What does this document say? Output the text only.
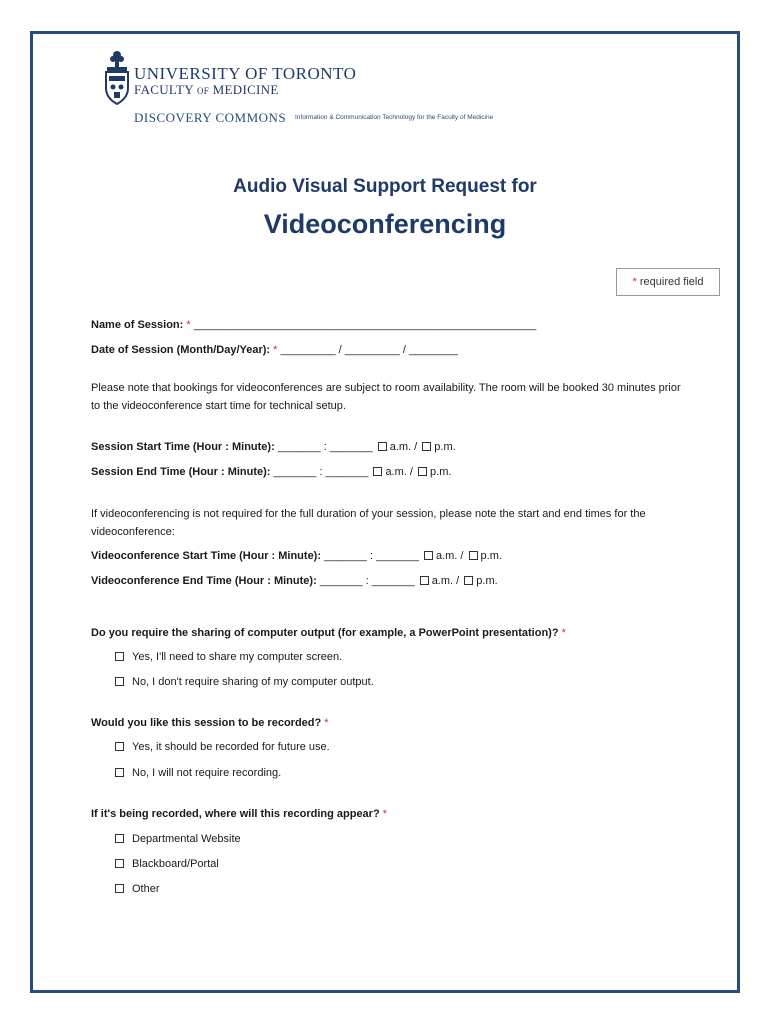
UNIVERSITY OF TORONTO
FACULTY OF MEDICINE
DISCOVERY COMMONS Information & Communication Technology for the Faculty of Medicine
Audio Visual Support Request for
Videoconferencing
*
required field
Name of Session: * ________________________________________________________
Date of Session (Month/Day/Year): * _________ / _________ / ________
Please note that bookings for videoconferences are subject to room availability. The room will be booked 30 minutes prior to the videoconference start time for technical setup.
Session Start Time (Hour : Minute): _______ : _______ a.m. / p.m.
Session End Time (Hour : Minute): _______ : _______ a.m. / p.m.
If videoconferencing is not required for the full duration of your session, please note the start and end times for the videoconference:
Videoconference Start Time (Hour : Minute): _______ : _______ a.m. / p.m.
Videoconference End Time (Hour : Minute): _______ : _______ a.m. / p.m.
Do you require the sharing of computer output (for example, a PowerPoint presentation)? *
Yes, I'll need to share my computer screen.
No, I don't require sharing of my computer output.
Would you like this session to be recorded? *
Yes, it should be recorded for future use.
No, I will not require recording.
If it's being recorded, where will this recording appear? *
Departmental Website
Blackboard/Portal
Other
